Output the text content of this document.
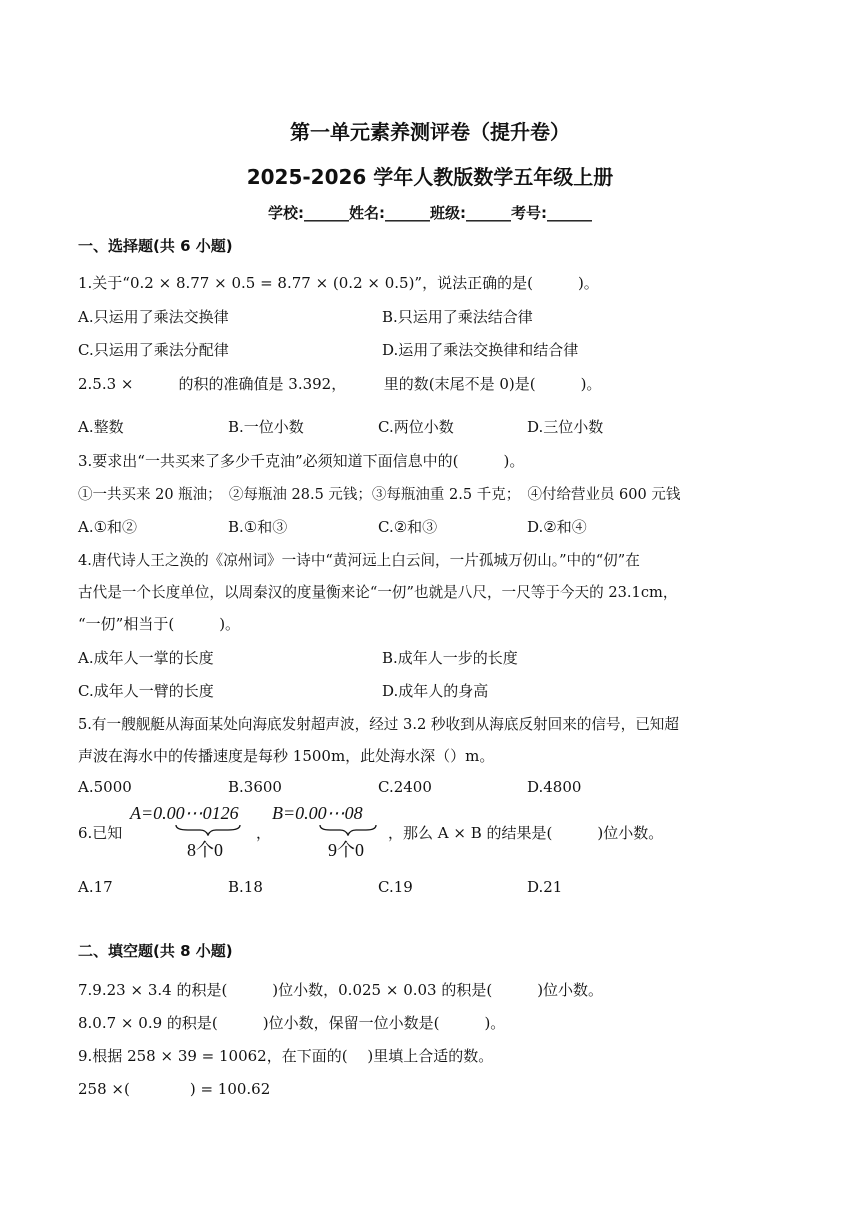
第一单元素养测评卷（提升卷）
2025-2026 学年人教版数学五年级上册
学校:______姓名:______班级:______考号:______
一、选择题(共 6 小题)
1.关于“0.2 × 8.77 × 0.5 = 8.77 × (0.2 × 0.5)”，说法正确的是(　　　)。
A.只运用了乘法交换律	B.只运用了乘法结合律
C.只运用了乘法分配律	D.运用了乘法交换律和结合律
2.5.3 ×　　　的积的准确值是 3.392，　　　里的数(末尾不是 0)是(　　　)。
A.整数	B.一位小数	C.两位小数	D.三位小数
3.要求出“一共买来了多少千克油”必须知道下面信息中的(　　　)。
①一共买来 20 瓶油；　②每瓶油 28.5 元钱；③每瓶油重 2.5 千克；　④付给营业员 600 元钱
A.①和②	B.①和③	C.②和③	D.②和④
4.唐代诗人王之涣的《凉州词》一诗中“黄河远上白云间，一片孤城万仞山。”中的“仞”在
古代是一个长度单位，以周秦汉的度量衡来论“一仞”也就是八尺，一尺等于今天的 23.1cm，
“一仞”相当于(　　　)。
A.成年人一掌的长度	B.成年人一步的长度
C.成年人一臂的长度	D.成年人的身高
5.有一艘舰艇从海面某处向海底发射超声波，经过 3.2 秒收到从海底反射回来的信号，已知超
声波在海水中的传播速度是每秒 1500m，此处海水深（）m。
A.5000	B.3600	C.2400	D.4800
6.已知
A=0.00⋯0126
8个0
，
B=0.00⋯08
9个0
，那么 A × B 的结果是(　　　)位小数。
A.17	B.18	C.19	D.21
二、填空题(共 8 小题)
7.9.23 × 3.4 的积是(　　　)位小数，0.025 × 0.03 的积是(　　　)位小数。
8.0.7 × 0.9 的积是(　　　)位小数，保留一位小数是(　　　)。
9.根据 258 × 39 = 10062，在下面的(　 )里填上合适的数。
258 ×(　　　　) = 100.62
